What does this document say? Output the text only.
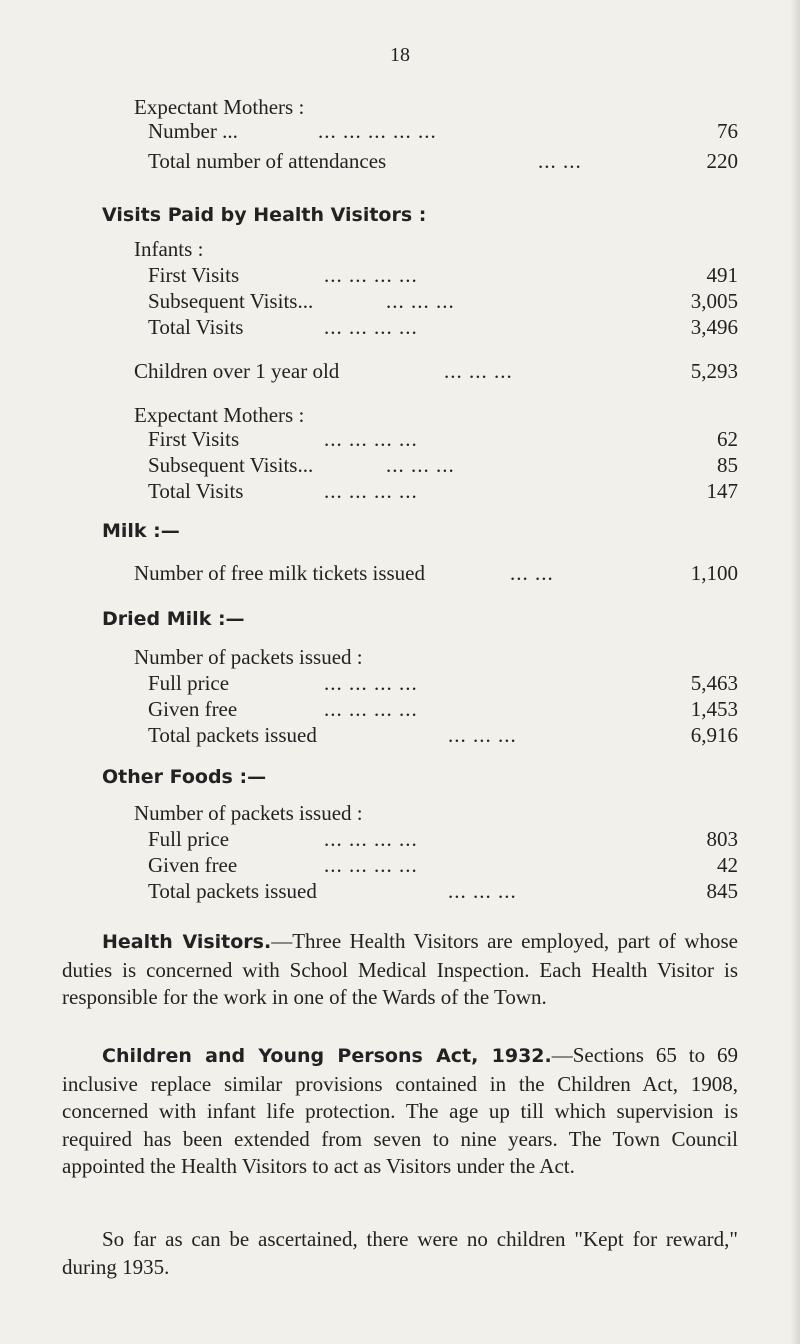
18
Expectant Mothers :
Number ...	... ... ... ... ...	76
Total number of attendances	... ...	220
Visits Paid by Health Visitors :
Infants :
First Visits	... ... ... ...	491
Subsequent Visits...	... ... ...	3,005
Total Visits	... ... ... ...	3,496
Children over 1 year old	... ... ...	5,293
Expectant Mothers :
First Visits	... ... ... ...	62
Subsequent Visits...	... ... ...	85
Total Visits	... ... ... ...	147
Milk :—
Number of free milk tickets issued	... ...	1,100
Dried Milk :—
Number of packets issued :
Full price	... ... ... ...	5,463
Given free	... ... ... ...	1,453
Total packets issued	... ... ...	6,916
Other Foods :—
Number of packets issued :
Full price	... ... ... ...	803
Given free	... ... ... ...	42
Total packets issued	... ... ...	845
Health Visitors.—Three Health Visitors are employed, part of whose duties is concerned with School Medical Inspection. Each Health Visitor is responsible for the work in one of the Wards of the Town.
Children and Young Persons Act, 1932.—Sections 65 to 69 inclusive replace similar provisions contained in the Children Act, 1908, concerned with infant life protection. The age up till which supervision is required has been extended from seven to nine years. The Town Council appointed the Health Visitors to act as Visitors under the Act.
So far as can be ascertained, there were no children "Kept for reward," during 1935.
